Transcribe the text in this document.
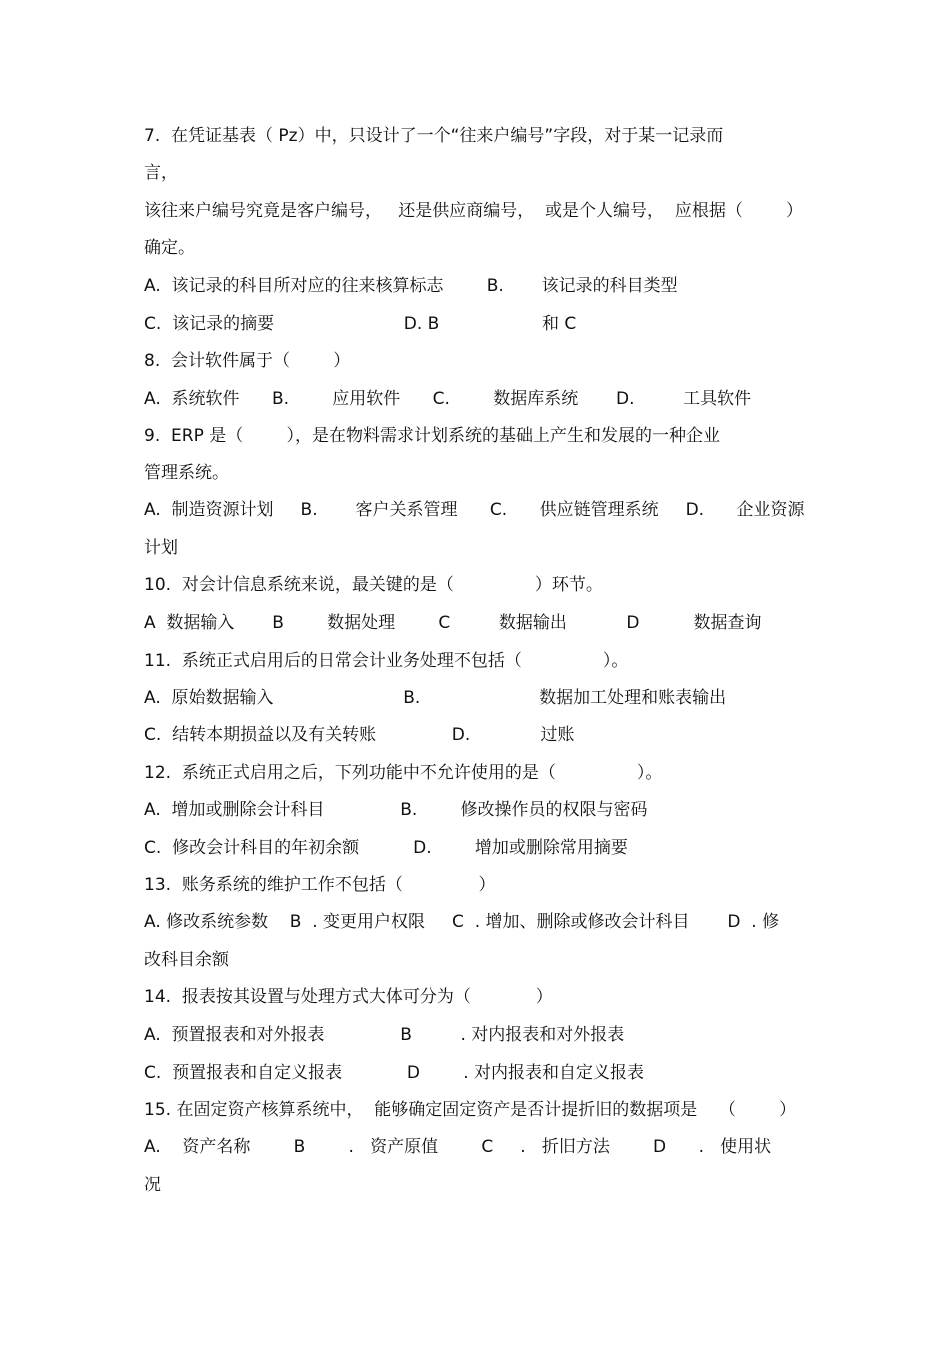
7.  在凭证基表（ Pz）中，只设计了一个“往来户编号”字段，对于某一记录而
言，
该往来户编号究竟是客户编号，   还是供应商编号，  或是个人编号，  应根据（        ）
确定。
A.  该记录的科目所对应的往来核算标志        B.       该记录的科目类型
C.  该记录的摘要                        D. B                   和 C
8.  会计软件属于（        ）
A.  系统软件      B.        应用软件      C.        数据库系统       D.         工具软件
9.  ERP 是（        ），是在物料需求计划系统的基础上产生和发展的一种企业
管理系统。
A.  制造资源计划     B.       客户关系管理      C.      供应链管理系统     D.      企业资源
计划
10.  对会计信息系统来说，最关键的是（               ）环节。
A  数据输入       B        数据处理        C         数据输出           D          数据查询
11.  系统正式启用后的日常会计业务处理不包括（               ）。
A.  原始数据输入                        B.                      数据加工处理和账表输出
C.  结转本期损益以及有关转账              D.             过账
12.  系统正式启用之后，下列功能中不允许使用的是（               ）。
A.  增加或删除会计科目              B.        修改操作员的权限与密码
C.  修改会计科目的年初余额          D.        增加或删除常用摘要
13.  账务系统的维护工作不包括（              ）
A. 修改系统参数    B  . 变更用户权限     C  . 增加、删除或修改会计科目       D  . 修
改科目余额
14.  报表按其设置与处理方式大体可分为（            ）
A.  预置报表和对外报表              B         . 对内报表和对外报表
C.  预置报表和自定义报表            D        . 对内报表和自定义报表
15. 在固定资产核算系统中，  能够确定固定资产是否计提折旧的数据项是    （        ）
A.    资产名称        B        .   资产原值        C     .   折旧方法        D      .   使用状
况
